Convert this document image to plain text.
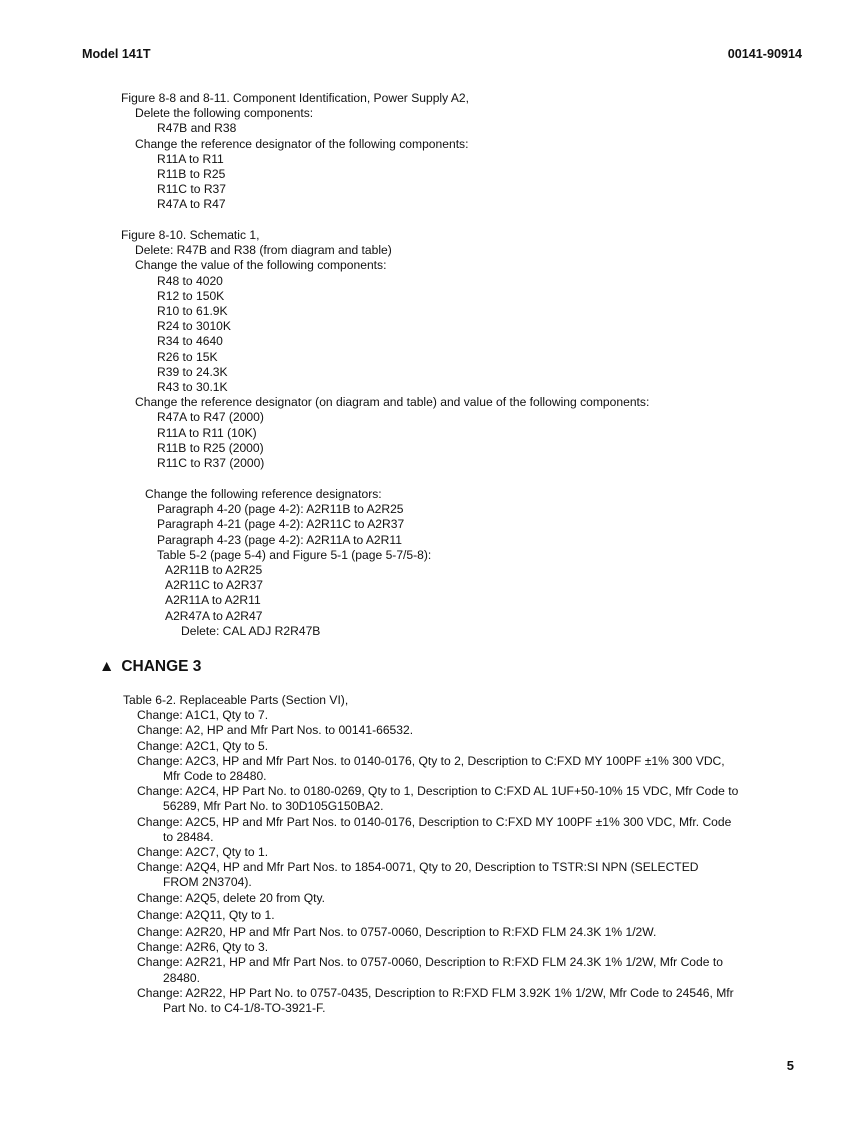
Model 141T	00141-90914
Figure 8-8 and 8-11. Component Identification, Power Supply A2,
Delete the following components:
R47B and R38
Change the reference designator of the following components:
R11A to R11
R11B to R25
R11C to R37
R47A to R47
Figure 8-10. Schematic 1,
Delete: R47B and R38 (from diagram and table)
Change the value of the following components:
R48 to 4020
R12 to 150K
R10 to 61.9K
R24 to 3010K
R34 to 4640
R26 to 15K
R39 to 24.3K
R43 to 30.1K
Change the reference designator (on diagram and table) and value of the following components:
R47A to R47 (2000)
R11A to R11 (10K)
R11B to R25 (2000)
R11C to R37 (2000)
Change the following reference designators:
Paragraph 4-20 (page 4-2): A2R11B to A2R25
Paragraph 4-21 (page 4-2): A2R11C to A2R37
Paragraph 4-23 (page 4-2): A2R11A to A2R11
Table 5-2 (page 5-4) and Figure 5-1 (page 5-7/5-8):
A2R11B to A2R25
A2R11C to A2R37
A2R11A to A2R11
A2R47A to A2R47
Delete: CAL ADJ R2R47B
▲ CHANGE 3
Table 6-2. Replaceable Parts (Section VI),
Change: A1C1, Qty to 7.
Change: A2, HP and Mfr Part Nos. to 00141-66532.
Change: A2C1, Qty to 5.
Change: A2C3, HP and Mfr Part Nos. to 0140-0176, Qty to 2, Description to C:FXD MY 100PF ±1% 300 VDC,
Mfr Code to 28480.
Change: A2C4, HP Part No. to 0180-0269, Qty to 1, Description to C:FXD AL 1UF+50-10% 15 VDC, Mfr Code to
56289, Mfr Part No. to 30D105G150BA2.
Change: A2C5, HP and Mfr Part Nos. to 0140-0176, Description to C:FXD MY 100PF ±1% 300 VDC, Mfr. Code
to 28484.
Change: A2C7, Qty to 1.
Change: A2Q4, HP and Mfr Part Nos. to 1854-0071, Qty to 20, Description to TSTR:SI NPN (SELECTED
FROM 2N3704).
Change: A2Q5, delete 20 from Qty.
Change: A2Q11, Qty to 1.
Change: A2R20, HP and Mfr Part Nos. to 0757-0060, Description to R:FXD FLM 24.3K 1% 1/2W.
Change: A2R6, Qty to 3.
Change: A2R21, HP and Mfr Part Nos. to 0757-0060, Description to R:FXD FLM 24.3K 1% 1/2W, Mfr Code to
28480.
Change: A2R22, HP Part No. to 0757-0435, Description to R:FXD FLM 3.92K 1% 1/2W, Mfr Code to 24546, Mfr
Part No. to C4-1/8-TO-3921-F.
5
